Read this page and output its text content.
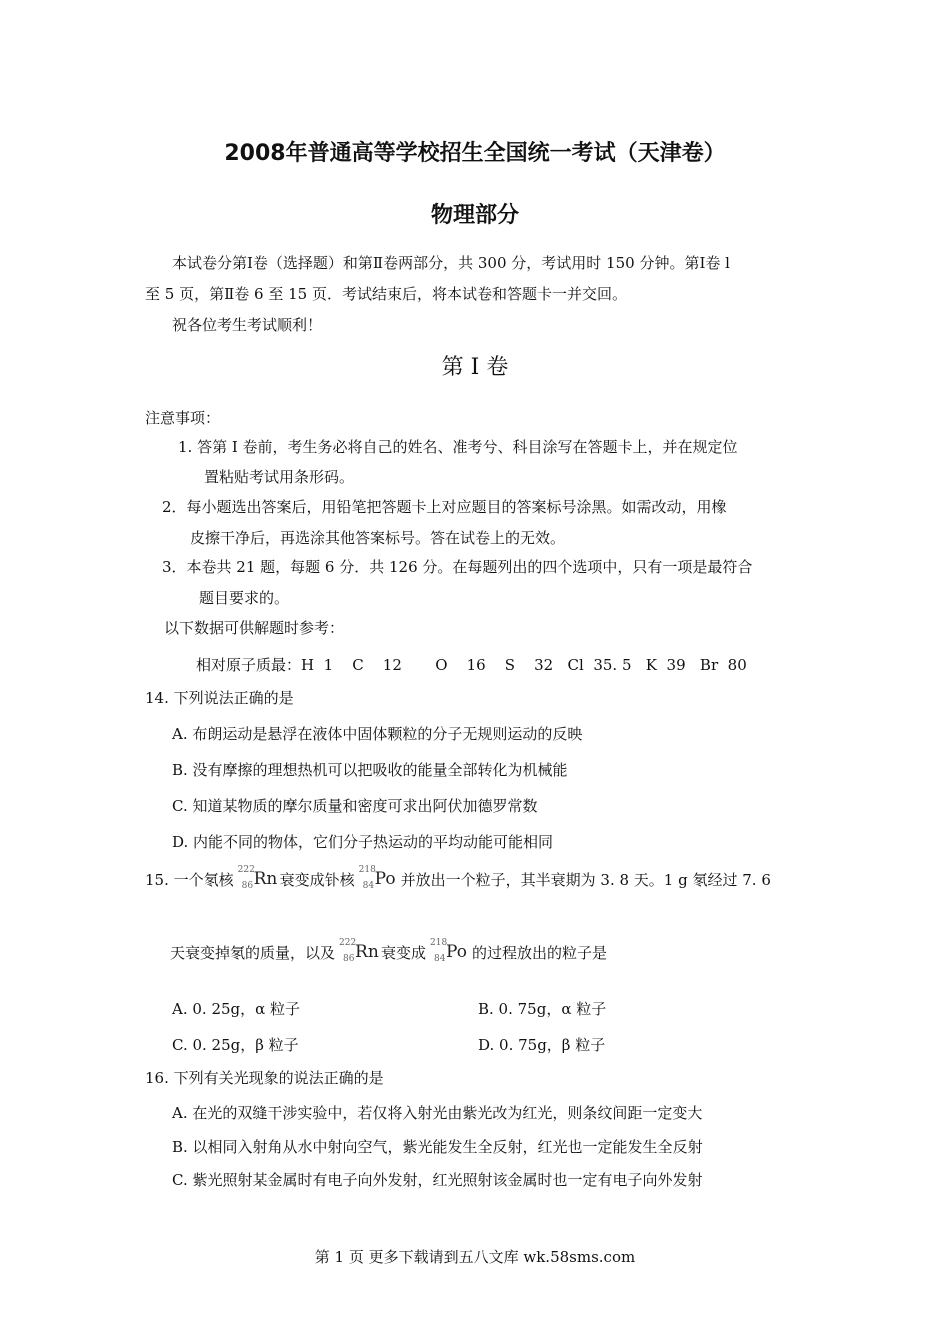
2008年普通高等学校招生全国统一考试（天津卷）
物理部分
本试卷分第Ⅰ卷（选择题）和第Ⅱ卷两部分，共 300 分，考试用时 150 分钟。第Ⅰ卷 l
至 5 页，第Ⅱ卷 6 至 15 页．考试结束后，将本试卷和答题卡一并交回。
祝各位考生考试顺利！
第 I 卷
注意事项：
1. 答第 I 卷前，考生务必将自己的姓名、准考兮、科目涂写在答题卡上，并在规定位
置粘贴考试用条形码。
2．每小题选出答案后，用铅笔把答题卡上对应题目的答案标号涂黑。如需改动，用橡
皮擦干净后，再选涂其他答案标号。答在试卷上的无效。
3．本卷共 21 题，每题 6 分．共 126 分。在每题列出的四个选项中，只有一项是最符合
题目要求的。
以下数据可供解题时参考：
相对原子质最：H  1    C    12       O    16    S    32   Cl  35. 5   K  39   Br  80
14. 下列说法正确的是
A. 布朗运动是悬浮在液体中固体颗粒的分子无规则运动的反映
B. 没有摩擦的理想热机可以把吸收的能量全部转化为机械能
C. 知道某物质的摩尔质量和密度可求出阿伏加德罗常数
D. 内能不同的物体，它们分子热运动的平均动能可能相同
15. 一个氡核
222
86 Rn 衰变成钋核
218
84 Po 并放出一个粒子，其半衰期为 3. 8 天。1 g 氡经过 7. 6
天衰变掉氡的质量，以及
222
86 Rn 衰变成
218
84 Po 的过程放出的粒子是
A. 0. 25g，α 粒子	B. 0. 75g，α 粒子
C. 0. 25g，β 粒子	D. 0. 75g，β 粒子
16. 下列有关光现象的说法正确的是
A. 在光的双缝干涉实验中，若仅将入射光由紫光改为红光，则条纹间距一定变大
B. 以相同入射角从水中射向空气，紫光能发生全反射，红光也一定能发生全反射
C. 紫光照射某金属时有电子向外发射，红光照射该金属时也一定有电子向外发射
第 1 页 更多下载请到五八文库 wk.58sms.com
